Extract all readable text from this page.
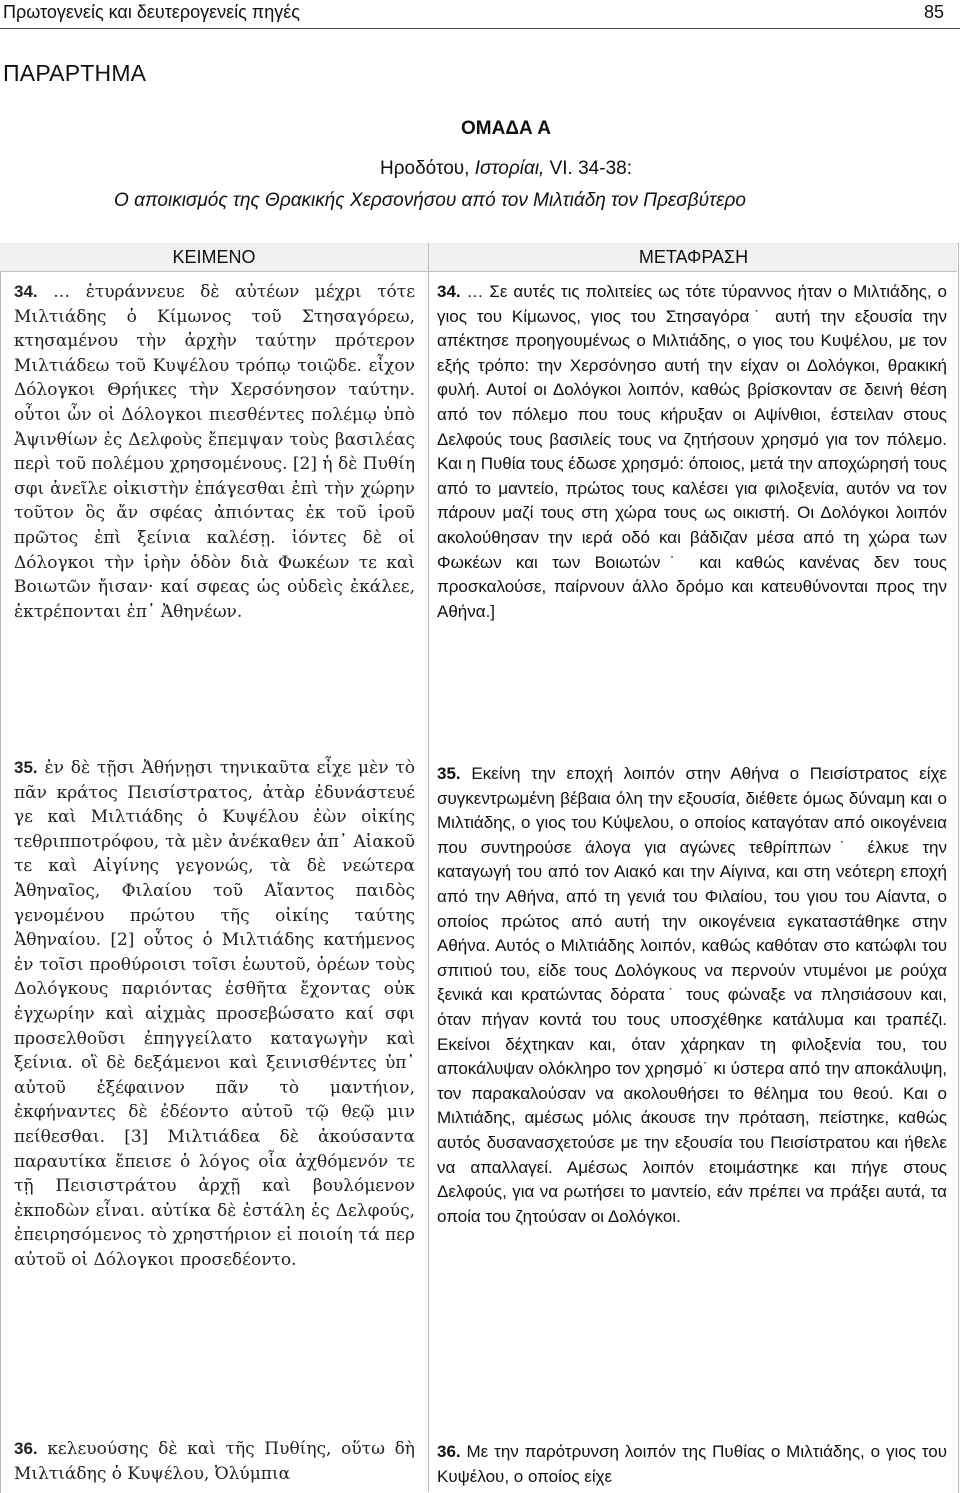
Πρωτογενείς και δευτερογενείς πηγές	85
ΠΑΡΑΡΤΗΜΑ
ΟΜΑΔΑ Α
Ηροδότου, Ιστορίαι, VI. 34-38:
Ο αποικισμός της Θρακικής Χερσονήσου από τον Μιλτιάδη τον Πρεσβύτερο
ΚΕΙΜΕΝΟ	ΜΕΤΑΦΡΑΣΗ

34. … ἐτυράννευε δὲ αὐτέων μέχρι τότε Μιλτιάδης ὁ Κίμωνος τοῦ Στησαγόρεω, κτησαμένου τὴν ἀρχὴν ταύτην πρότερον Μιλτιάδεω τοῦ Κυψέλου τρόπῳ τοιῷδε. εἶχον Δόλογκοι Θρήικες τὴν Χερσόνησον ταύτην. οὗτοι ὦν οἱ Δόλογκοι πιεσθέντες πολέμῳ ὑπὸ Ἀψινθίων ἐς Δελφοὺς ἔπεμψαν τοὺς βασιλέας περὶ τοῦ πολέμου χρησομένους. [2] ἡ δὲ Πυθίη σφι ἀνεῖλε οἰκιστὴν ἐπάγεσθαι ἐπὶ τὴν χώρην τοῦτον ὃς ἄν σφέας ἀπιόντας ἐκ τοῦ ἱροῦ πρῶτος ἐπὶ ξείνια καλέσῃ. ἰόντες δὲ οἱ Δόλογκοι τὴν ἱρὴν ὁδὸν διὰ Φωκέων τε καὶ Βοιωτῶν ἤισαν· καί σφεας ὡς οὐδεὶς ἐκάλεε, ἐκτρέπονται ἐπ᾽ Ἀθηνέων.

34. … Σε αυτές τις πολιτείες ως τότε τύραννος ήταν ο Μιλτιάδης, ο γιος του Κίμωνος, γιος του Στησαγόρα˙ αυτή την εξουσία την απέκτησε προηγουμένως ο Μιλτιάδης, ο γιος του Κυψέλου, με τον εξής τρόπο: την Χερσόνησο αυτή την είχαν οι Δολόγκοι, θρακική φυλή. Αυτοί οι Δολόγκοι λοιπόν, καθώς βρίσκονταν σε δεινή θέση από τον πόλεμο που τους κήρυξαν οι Αψίνθιοι, έστειλαν στους Δελφούς τους βασιλείς τους να ζητήσουν χρησμό για τον πόλεμο. Και η Πυθία τους έδωσε χρησμό: όποιος, μετά την αποχώρησή τους από το μαντείο, πρώτος τους καλέσει για φιλοξενία, αυτόν να τον πάρουν μαζί τους στη χώρα τους ως οικιστή. Οι Δολόγκοι λοιπόν ακολούθησαν την ιερά οδό και βάδιζαν μέσα από τη χώρα των Φωκέων και των Βοιωτών˙ και καθώς κανένας δεν τους προσκαλούσε, παίρνουν άλλο δρόμο και κατευθύνονται προς την Αθήνα.]

35. ἐν δὲ τῇσι Ἀθήνῃσι τηνικαῦτα εἶχε μὲν τὸ πᾶν κράτος Πεισίστρατος, ἀτὰρ ἐδυνάστευέ γε καὶ Μιλτιάδης ὁ Κυψέλου ἐὼν οἰκίης τεθριπποτρόφου, τὰ μὲν ἀνέκαθεν ἀπ᾽ Αἰακοῦ τε καὶ Αἰγίνης γεγονώς, τὰ δὲ νεώτερα Ἀθηναῖος, Φιλαίου τοῦ Αἴαντος παιδὸς γενομένου πρώτου τῆς οἰκίης ταύτης Ἀθηναίου. [2] οὗτος ὁ Μιλτιάδης κατήμενος ἐν τοῖσι προθύροισι τοῖσι ἑωυτοῦ, ὁρέων τοὺς Δολόγκους παριόντας ἐσθῆτα ἔχοντας οὐκ ἐγχωρίην καὶ αἰχμὰς προσεβώσατο καί σφι προσελθοῦσι ἐπηγγείλατο καταγωγὴν καὶ ξείνια. οἳ δὲ δεξάμενοι καὶ ξεινισθέντες ὑπ᾽ αὐτοῦ ἐξέφαινον πᾶν τὸ μαντήιον, ἐκφήναντες δὲ ἐδέοντο αὐτοῦ τῷ θεῷ μιν πείθεσθαι. [3] Μιλτιάδεα δὲ ἀκούσαντα παραυτίκα ἔπεισε ὁ λόγος οἷα ἀχθόμενόν τε τῇ Πεισιστράτου ἀρχῇ καὶ βουλόμενον ἐκποδὼν εἶναι. αὐτίκα δὲ ἐστάλη ἐς Δελφούς, ἐπειρησόμενος τὸ χρηστήριον εἰ ποιοίη τά περ αὐτοῦ οἱ Δόλογκοι προσεδέοντο.

35. Εκείνη την εποχή λοιπόν στην Αθήνα ο Πεισίστρατος είχε συγκεντρωμένη βέβαια όλη την εξουσία, διέθετε όμως δύναμη και ο Μιλτιάδης, ο γιος του Κύψελου, ο οποίος καταγόταν από οικογένεια που συντηρούσε άλογα για αγώνες τεθρίππων˙ έλκυε την καταγωγή του από τον Αιακό και την Αίγινα, και στη νεότερη εποχή από την Αθήνα, από τη γενιά του Φιλαίου, του γιου του Αίαντα, ο οποίος πρώτος από αυτή την οικογένεια εγκαταστάθηκε στην Αθήνα. Αυτός ο Μιλτιάδης λοιπόν, καθώς καθόταν στο κατώφλι του σπιτιού του, είδε τους Δολόγκους να περνούν ντυμένοι με ρούχα ξενικά και κρατώντας δόρατα˙ τους φώναξε να πλησιάσουν και, όταν πήγαν κοντά του τους υποσχέθηκε κατάλυμα και τραπέζι. Εκείνοι δέχτηκαν και, όταν χάρηκαν τη φιλοξενία του, του αποκάλυψαν ολόκληρο τον χρησμό˙ κι ύστερα από την αποκάλυψη, τον παρακαλούσαν να ακολουθήσει το θέλημα του θεού. Και ο Μιλτιάδης, αμέσως μόλις άκουσε την πρόταση, πείστηκε, καθώς αυτός δυσανασχετούσε με την εξουσία του Πεισίστρατου και ήθελε να απαλλαγεί. Αμέσως λοιπόν ετοιμάστηκε και πήγε στους Δελφούς, για να ρωτήσει το μαντείο, εάν πρέπει να πράξει αυτά, τα οποία του ζητούσαν οι Δολόγκοι.

36. κελευούσης δὲ καὶ τῆς Πυθίης, οὕτω δὴ Μιλτιάδης ὁ Κυψέλου, Ὀλύμπια

36. Με την παρότρυνση λοιπόν της Πυθίας ο Μιλτιάδης, ο γιος του Κυψέλου, ο οποίος είχε
